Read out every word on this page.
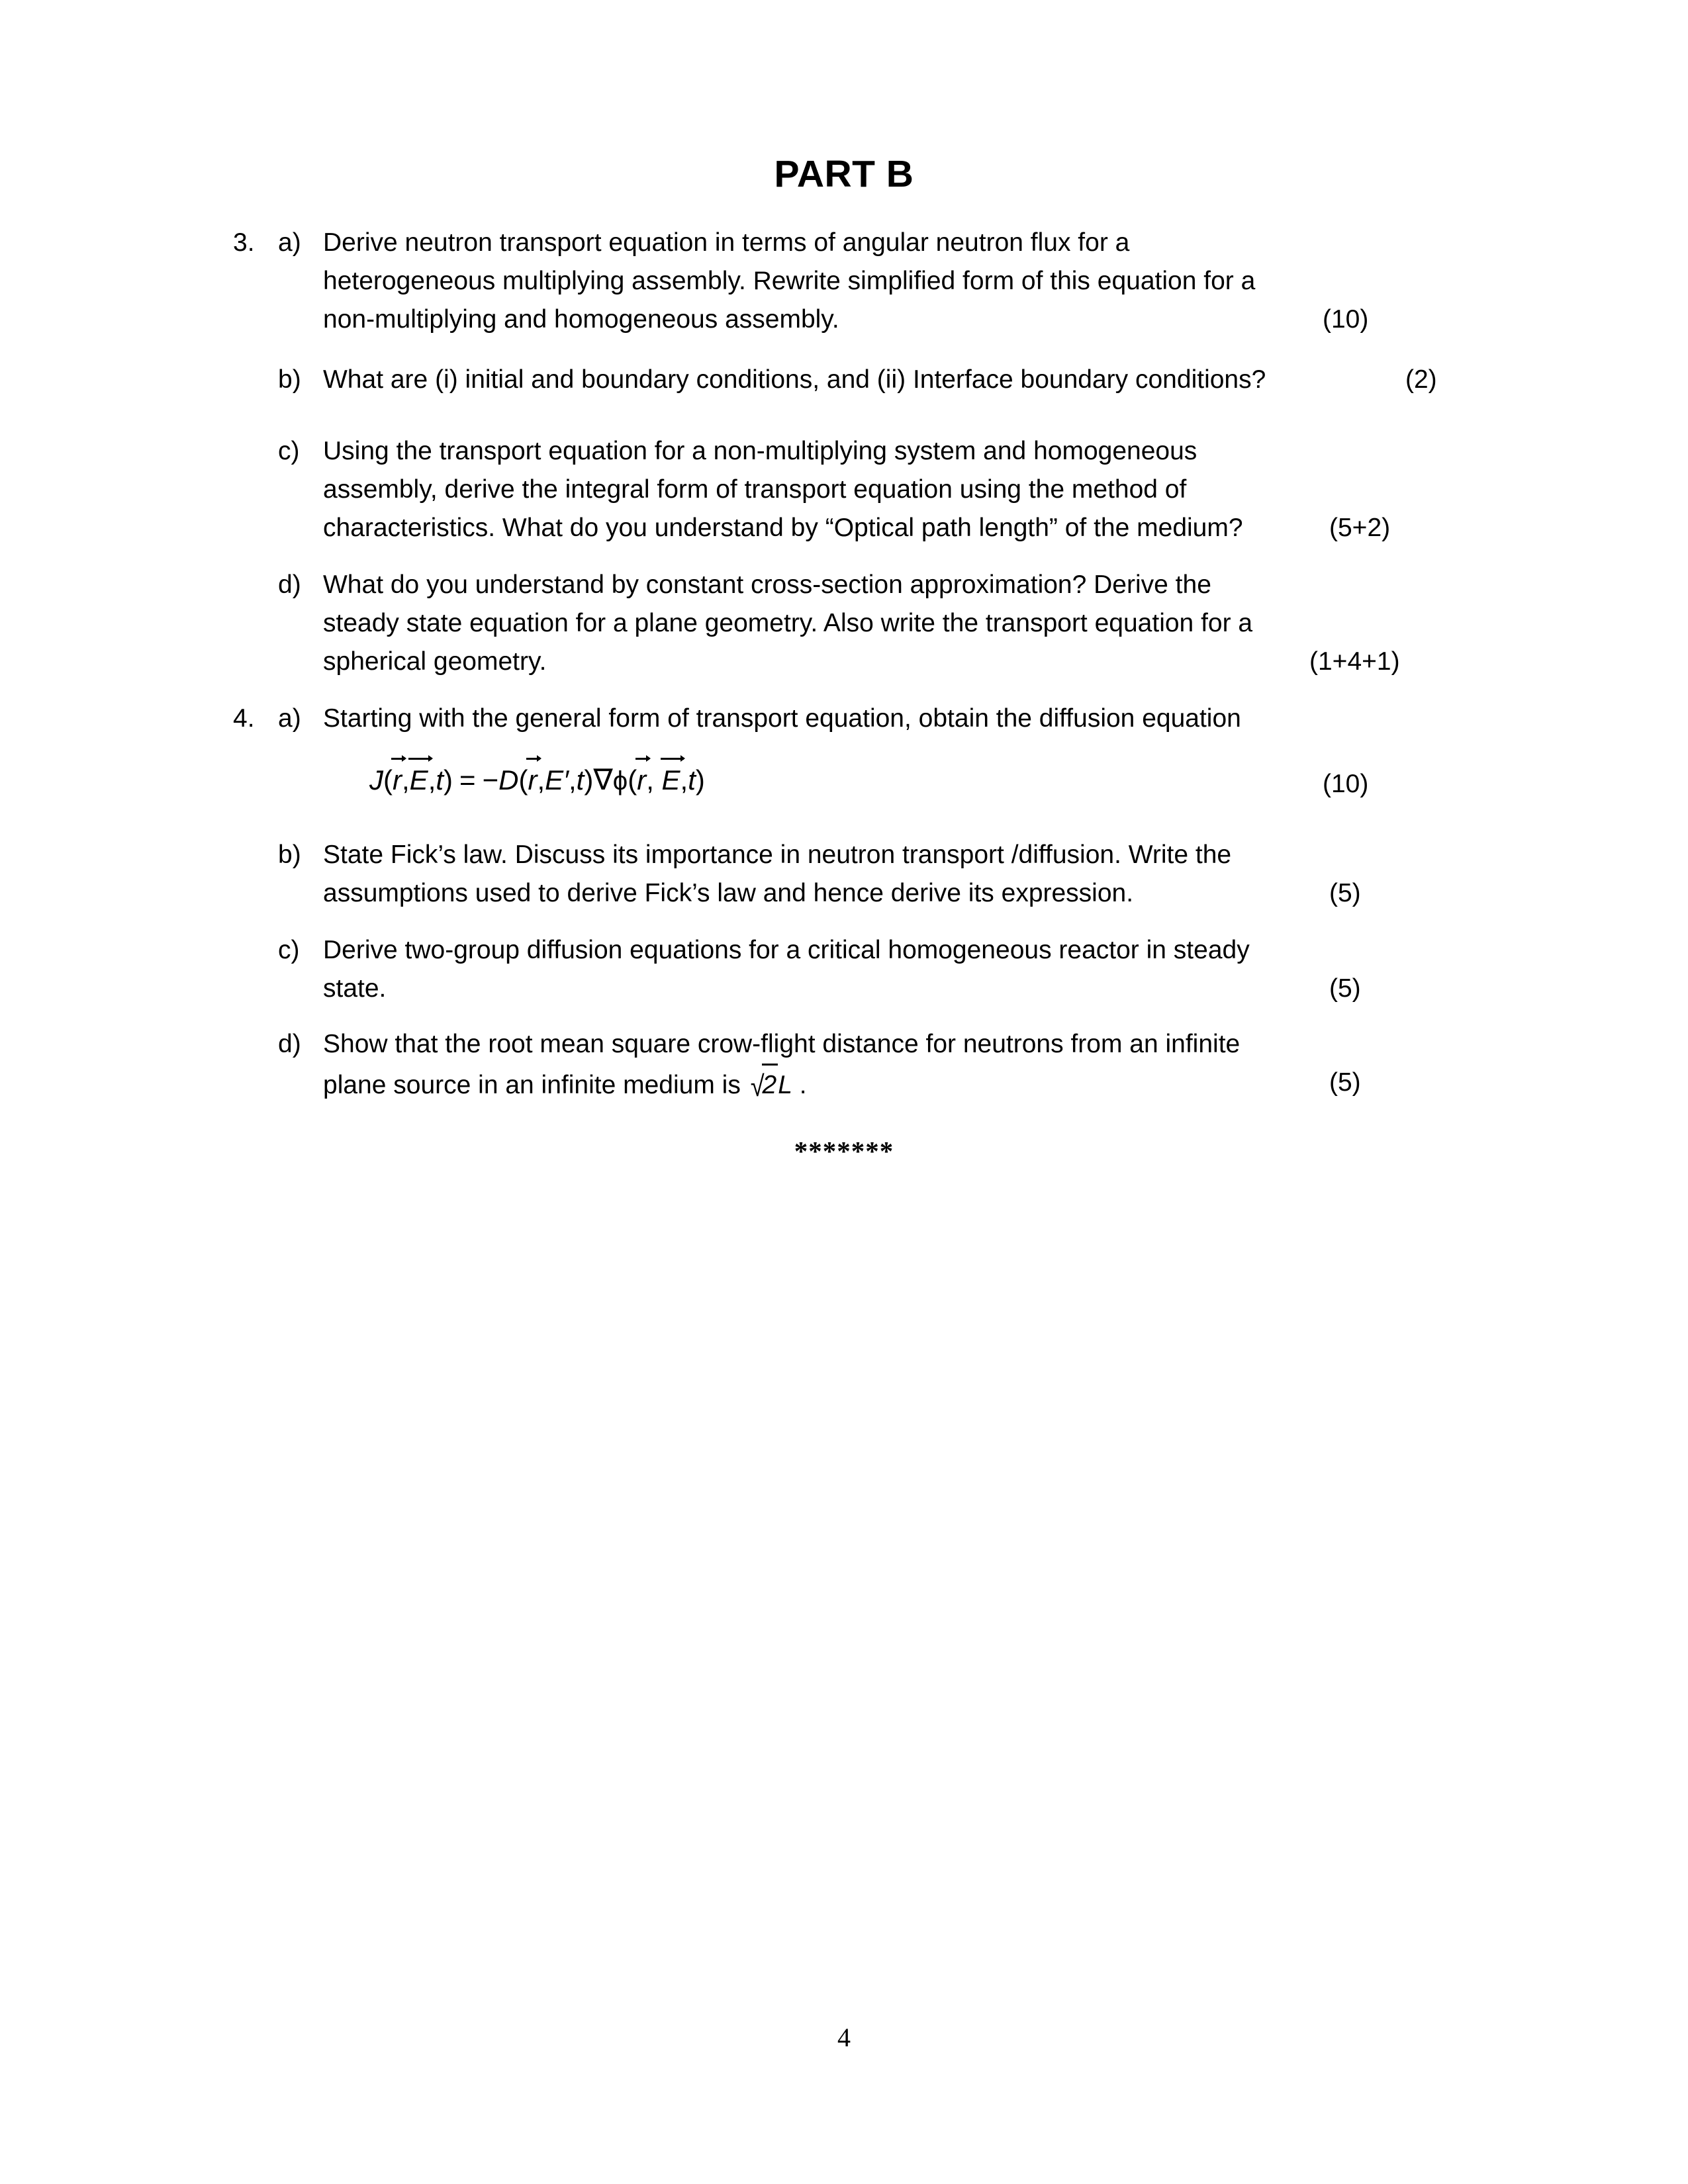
PART B
3. a) Derive neutron transport equation in terms of angular neutron flux for a
heterogeneous multiplying assembly. Rewrite simplified form of this equation for a
non-multiplying and homogeneous assembly.	(10)
b) What are (i) initial and boundary conditions, and (ii) Interface boundary conditions?	(2)
c) Using the transport equation for a non-multiplying system and homogeneous
assembly, derive the integral form of transport equation using the method of
characteristics. What do you understand by “Optical path length” of the medium?	(5+2)
d) What do you understand by constant cross-section approximation? Derive the
steady state equation for a plane geometry. Also write the transport equation for a
spherical geometry.	(1+4+1)
4. a) Starting with the general form of transport equation, obtain the diffusion equation
J(r,E,t) = −D(r,E′,t)∇ϕ(r, E,t)	(10)
b) State Fick’s law. Discuss its importance in neutron transport /diffusion. Write the
assumptions used to derive Fick’s law and hence derive its expression.	(5)
c) Derive two-group diffusion equations for a critical homogeneous reactor in steady
state.	(5)
d) Show that the root mean square crow-flight distance for neutrons from an infinite
plane source in an infinite medium is √2L .	(5)
*******
4
